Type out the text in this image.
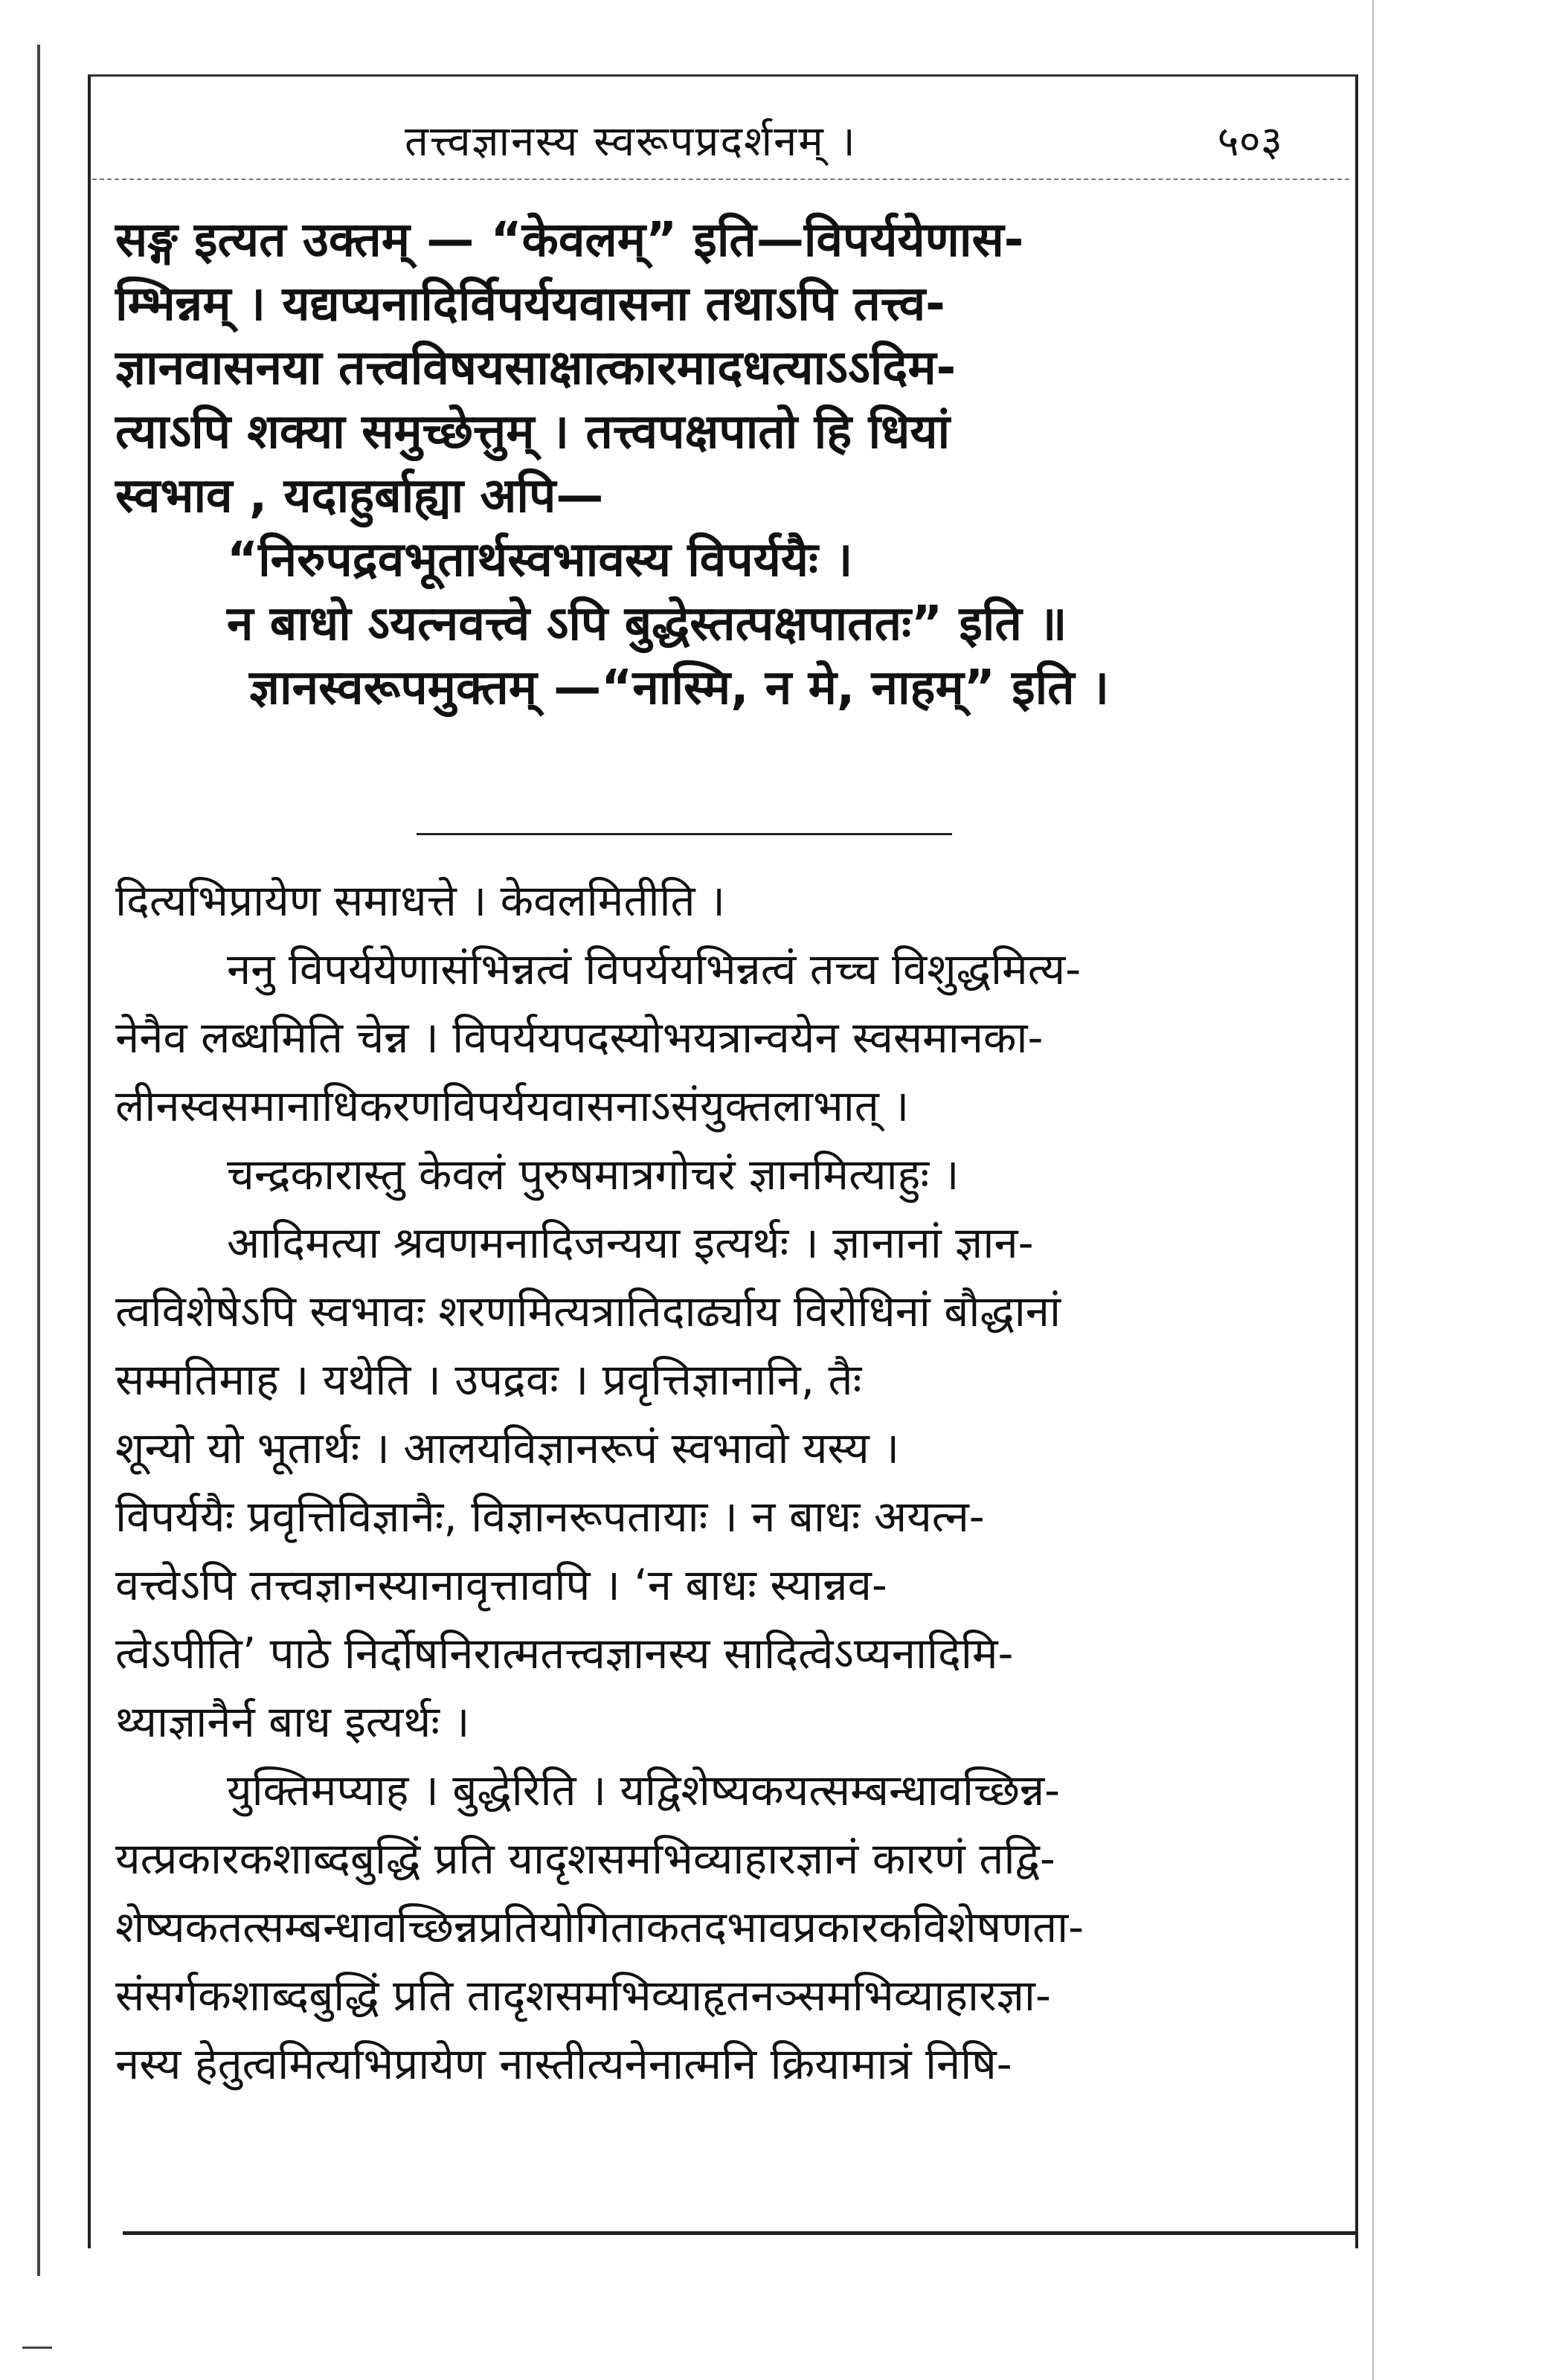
तत्त्वज्ञानस्य स्वरूपप्रदर्शनम् ।	५०३

सङ्ग इत्यत उक्तम् — “केवलम्” इति—विपर्ययेणास-

म्भिन्नम् । यद्यप्यनादिर्विपर्ययवासना तथाऽपि तत्त्व-

ज्ञानवासनया तत्त्वविषयसाक्षात्कारमादधत्याऽऽदिम-

त्याऽपि शक्या समुच्छेत्तुम् । तत्त्वपक्षपातो हि धियां

स्वभाव , यदाहुर्बाह्या अपि—

“निरुपद्रवभूतार्थस्वभावस्य विपर्ययैः ।

न बाधो ऽयत्नवत्त्वे ऽपि बुद्धेस्तत्पक्षपाततः” इति ॥

ज्ञानस्वरूपमुक्तम् —“नास्मि, न मे, नाहम्” इति ।

दित्यभिप्रायेण समाधत्ते । केवलमितीति ।

ननु विपर्ययेणासंभिन्नत्वं विपर्ययभिन्नत्वं तच्च विशुद्धमित्य-

नेनैव लब्धमिति चेन्न । विपर्ययपदस्योभयत्रान्वयेन स्वसमानका-

लीनस्वसमानाधिकरणविपर्ययवासनाऽसंयुक्तलाभात् ।

चन्द्रकारास्तु केवलं पुरुषमात्रगोचरं ज्ञानमित्याहुः ।

आदिमत्या श्रवणमनादिजन्यया इत्यर्थः । ज्ञानानां ज्ञान-

त्वविशेषेऽपि स्वभावः शरणमित्यत्रातिदार्ढ्याय विरोधिनां बौद्धानां

सम्मतिमाह । यथेति । उपद्रवः । प्रवृत्तिज्ञानानि, तैः

शून्यो यो भूतार्थः । आलयविज्ञानरूपं स्वभावो यस्य ।

विपर्ययैः प्रवृत्तिविज्ञानैः, विज्ञानरूपतायाः । न बाधः अयत्न-

वत्त्वेऽपि तत्त्वज्ञानस्यानावृत्तावपि । ‘न बाधः स्यान्नव-

त्वेऽपीति’ पाठे निर्दोषनिरात्मतत्त्वज्ञानस्य सादित्वेऽप्यनादिमि-

थ्याज्ञानैर्न बाध इत्यर्थः ।

युक्तिमप्याह । बुद्धेरिति । यद्विशेष्यकयत्सम्बन्धावच्छिन्न-

यत्प्रकारकशाब्दबुद्धिं प्रति यादृशसमभिव्याहारज्ञानं कारणं तद्वि-

शेष्यकतत्सम्बन्धावच्छिन्नप्रतियोगिताकतदभावप्रकारकविशेषणता-

संसर्गकशाब्दबुद्धिं प्रति तादृशसमभिव्याहृतनञ्समभिव्याहारज्ञा-

नस्य हेतुत्वमित्यभिप्रायेण नास्तीत्यनेनात्मनि क्रियामात्रं निषि-
